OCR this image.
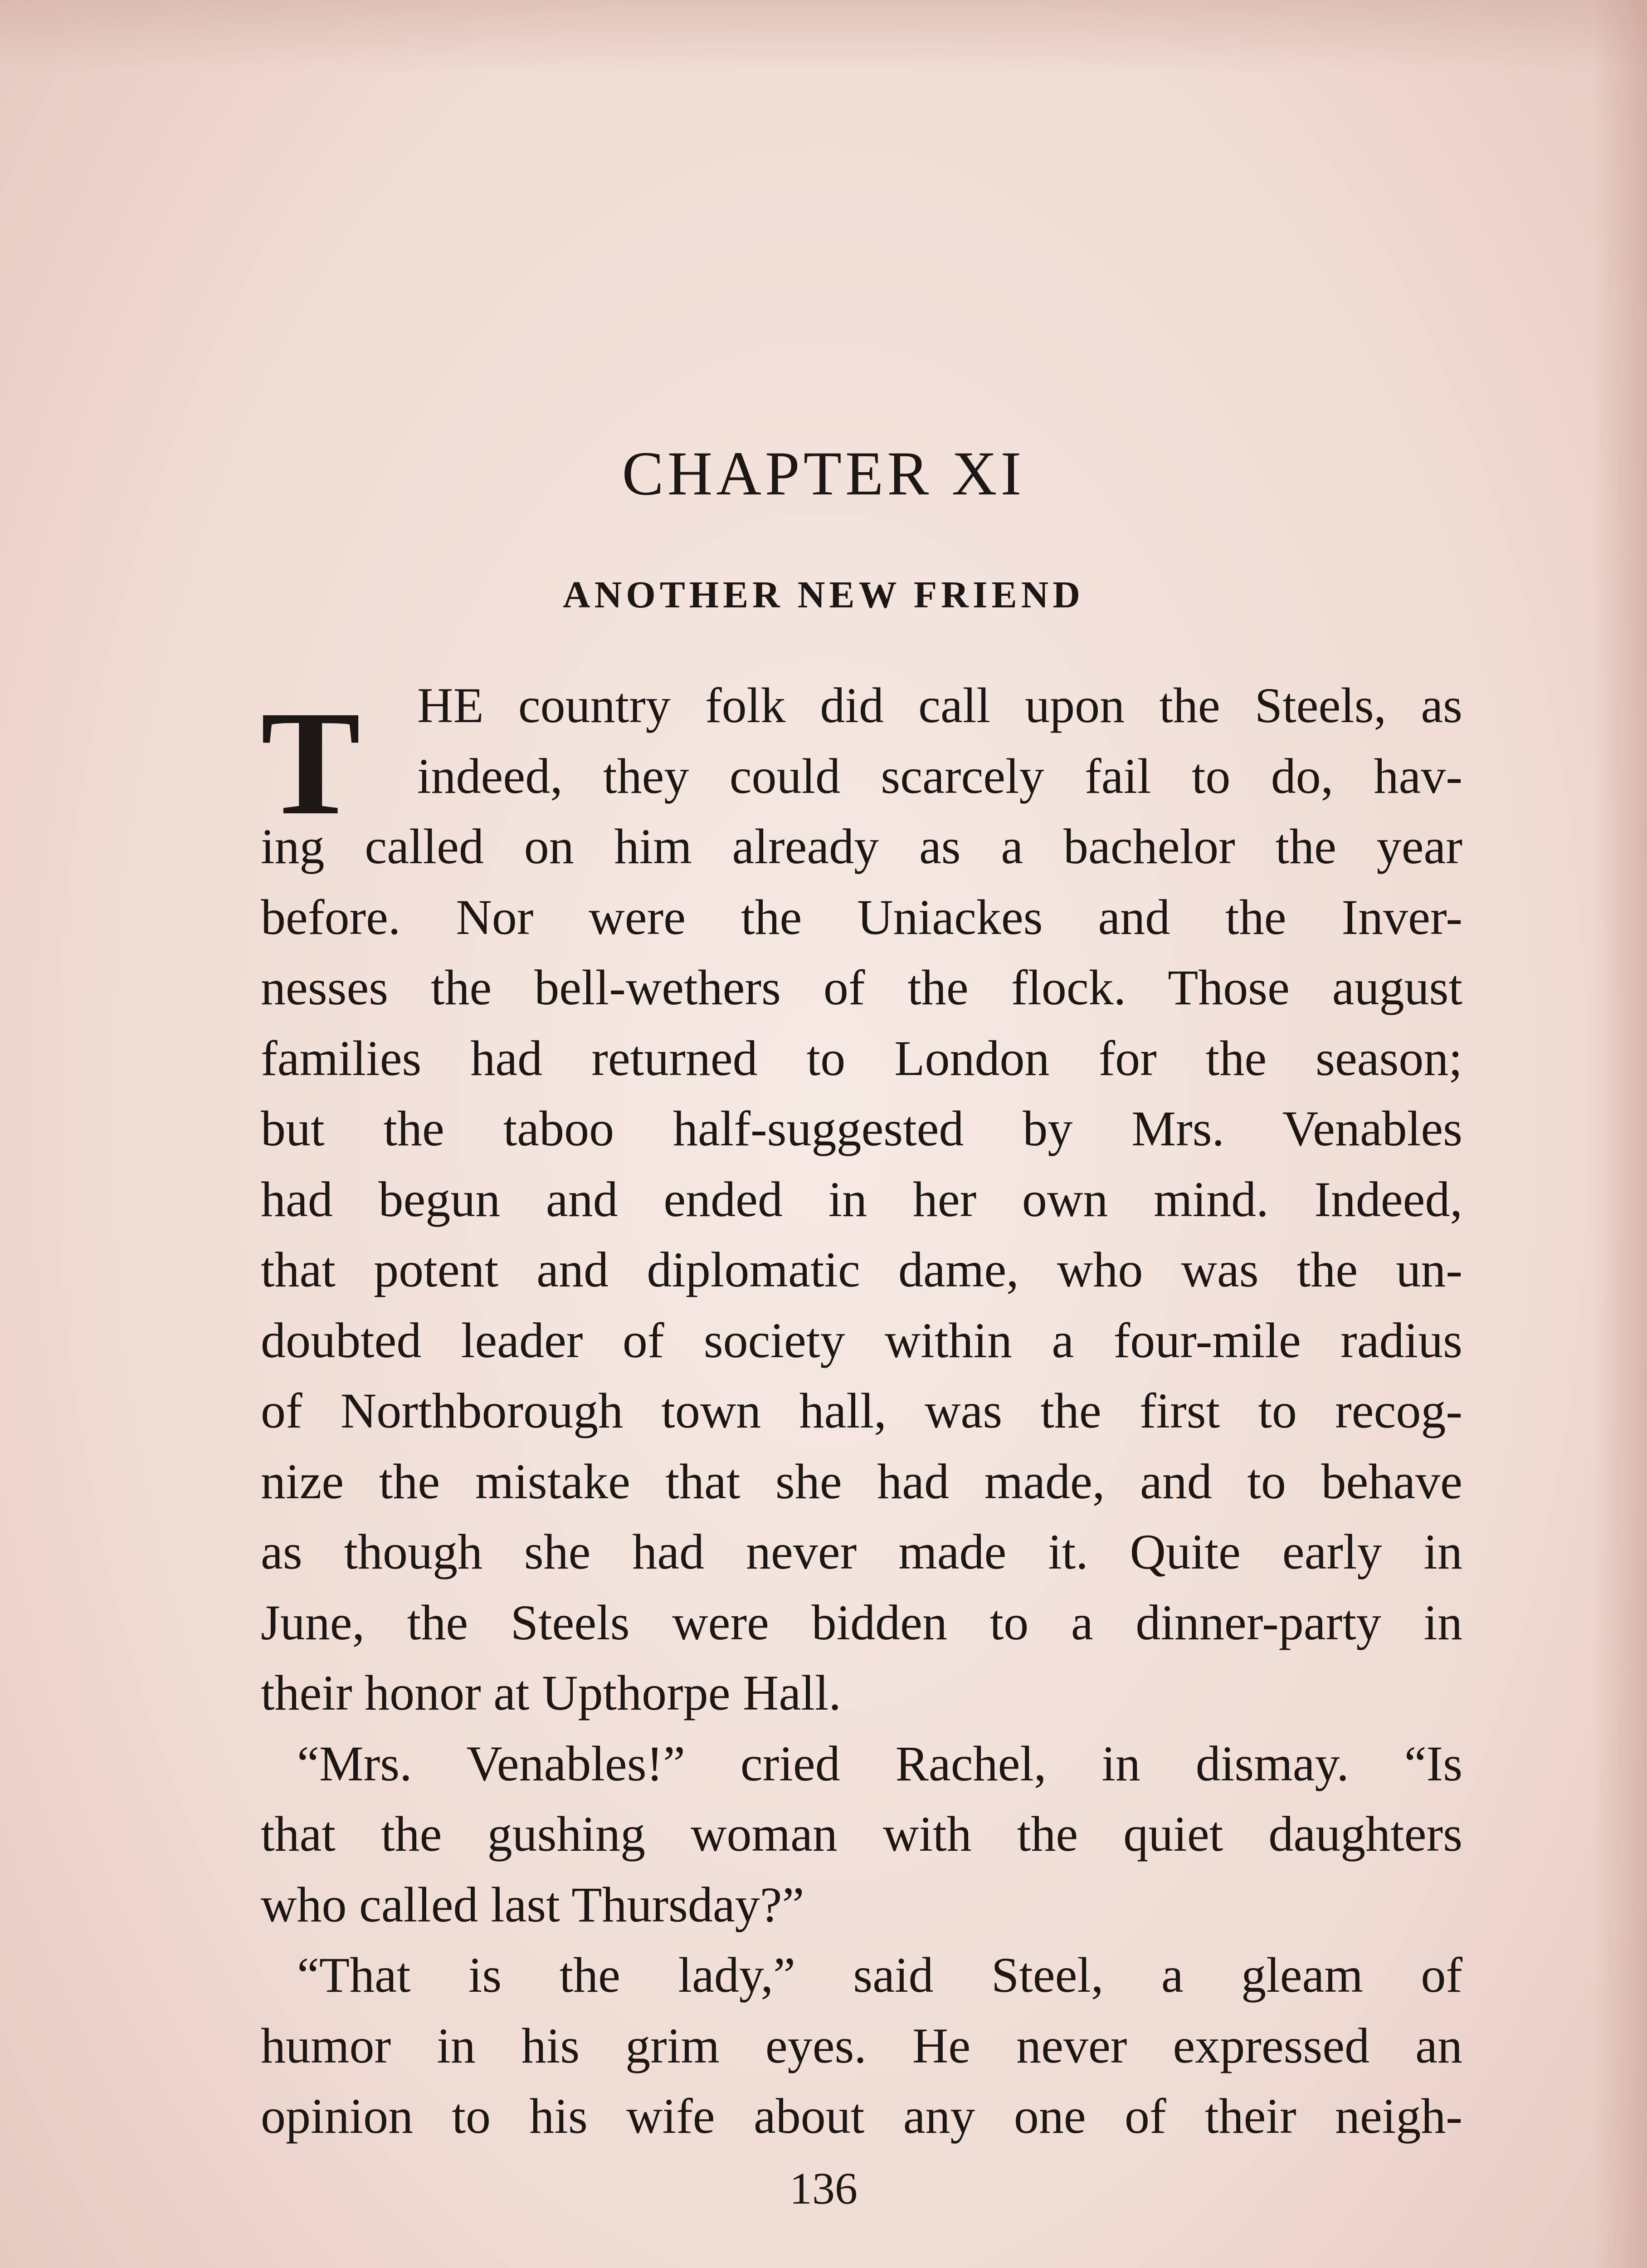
CHAPTER XI
ANOTHER NEW FRIEND
T	HE country folk did call upon the Steels, as
indeed, they could scarcely fail to do, hav-
ing called on him already as a bachelor the year
before. Nor were the Uniackes and the Inver-
nesses the bell-wethers of the flock. Those august
families had returned to London for the season;
but the taboo half-suggested by Mrs. Venables
had begun and ended in her own mind. Indeed,
that potent and diplomatic dame, who was the un-
doubted leader of society within a four-mile radius
of Northborough town hall, was the first to recog-
nize the mistake that she had made, and to behave
as though she had never made it. Quite early in
June, the Steels were bidden to a dinner-party in
their honor at Upthorpe Hall.
“Mrs. Venables!” cried Rachel, in dismay. “Is
that the gushing woman with the quiet daughters
who called last Thursday?”
“That is the lady,” said Steel, a gleam of
humor in his grim eyes. He never expressed an
opinion to his wife about any one of their neigh-
136
